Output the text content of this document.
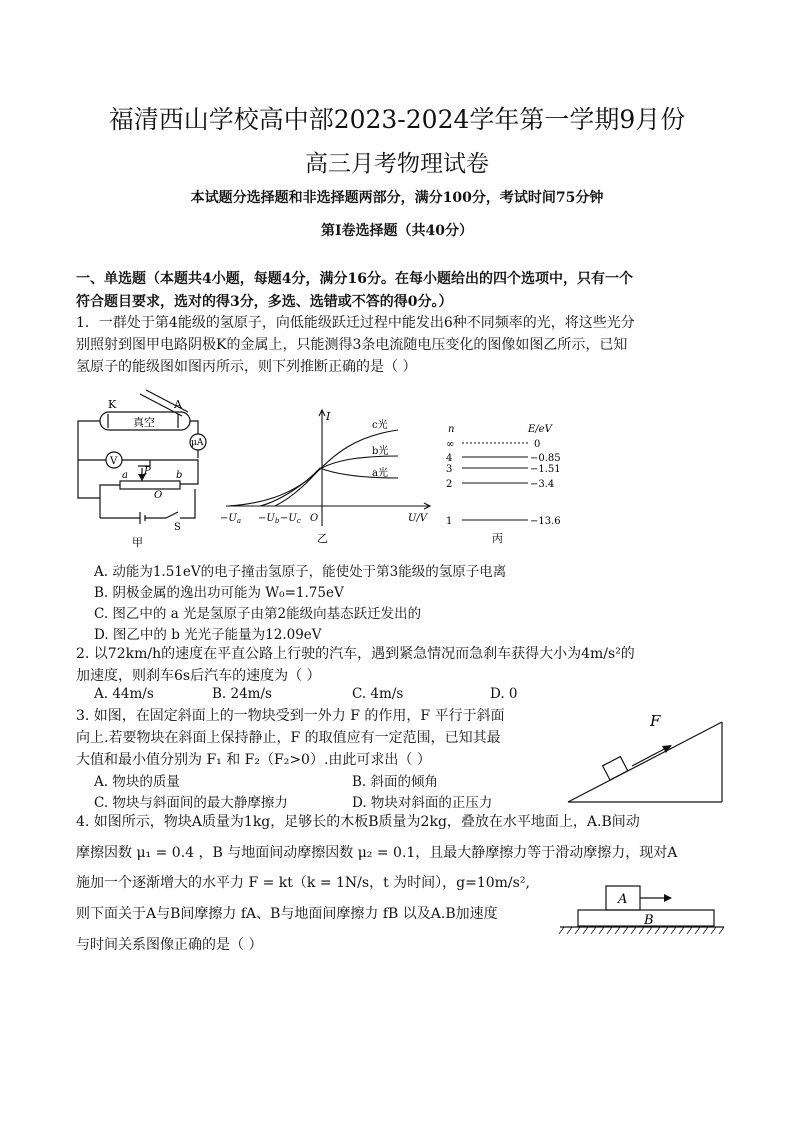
福清西山学校高中部2023-2024学年第一学期9月份
高三月考物理试卷
本试题分选择题和非选择题两部分，满分100分，考试时间75分钟
第Ⅰ卷选择题（共40分）
一、单选题（本题共4小题，每题4分，满分16分。在每小题给出的四个选项中，只有一个
符合题目要求，选对的得3分，多选、选错或不答的得0分。）
1．一群处于第4能级的氢原子，向低能级跃迁过程中能发出6种不同频率的光，将这些光分
别照射到图甲电路阴极K的金属上，只能测得3条电流随电压变化的图像如图乙所示，已知
氢原子的能级图如图丙所示，则下列推断正确的是（ ）
K	A
真空
μA
V
P
a	b
O
S
甲
I
c光
b光
a光
$-U_a -U_b -U_c$ O	U/V
乙
n	E/eV
∞	0
4	−0.85
3	−1.51
2	−3.4
1	−13.6
丙
A. 动能为1.51eV的电子撞击氢原子，能使处于第3能级的氢原子电离
B. 阴极金属的逸出功可能为 W₀=1.75eV
C. 图乙中的 a 光是氢原子由第2能级向基态跃迁发出的
D. 图乙中的 b 光光子能量为12.09eV
2. 以72km/h的速度在平直公路上行驶的汽车，遇到紧急情况而急刹车获得大小为4m/s²的
加速度，则刹车6s后汽车的速度为（ ）
A. 44m/s	B. 24m/s	C. 4m/s	D. 0
3. 如图，在固定斜面上的一物块受到一外力 F 的作用，F 平行于斜面
向上.若要物块在斜面上保持静止，F 的取值应有一定范围，已知其最
大值和最小值分别为 F₁ 和 F₂（F₂>0）.由此可求出（ ）
A. 物块的质量	B. 斜面的倾角
C. 物块与斜面间的最大静摩擦力	D. 物块对斜面的正压力
F
4. 如图所示，物块A质量为1kg，足够长的木板B质量为2kg，叠放在水平地面上，A.B间动
摩擦因数 μ₁ = 0.4 ，B 与地面间动摩擦因数 μ₂ = 0.1，且最大静摩擦力等于滑动摩擦力，现对A
施加一个逐渐增大的水平力 F = kt（k = 1N/s，t 为时间），g=10m/s²,
则下面关于A与B间摩擦力 fA、B与地面间摩擦力 fB 以及A.B加速度
与时间关系图像正确的是（ ）
A
B
